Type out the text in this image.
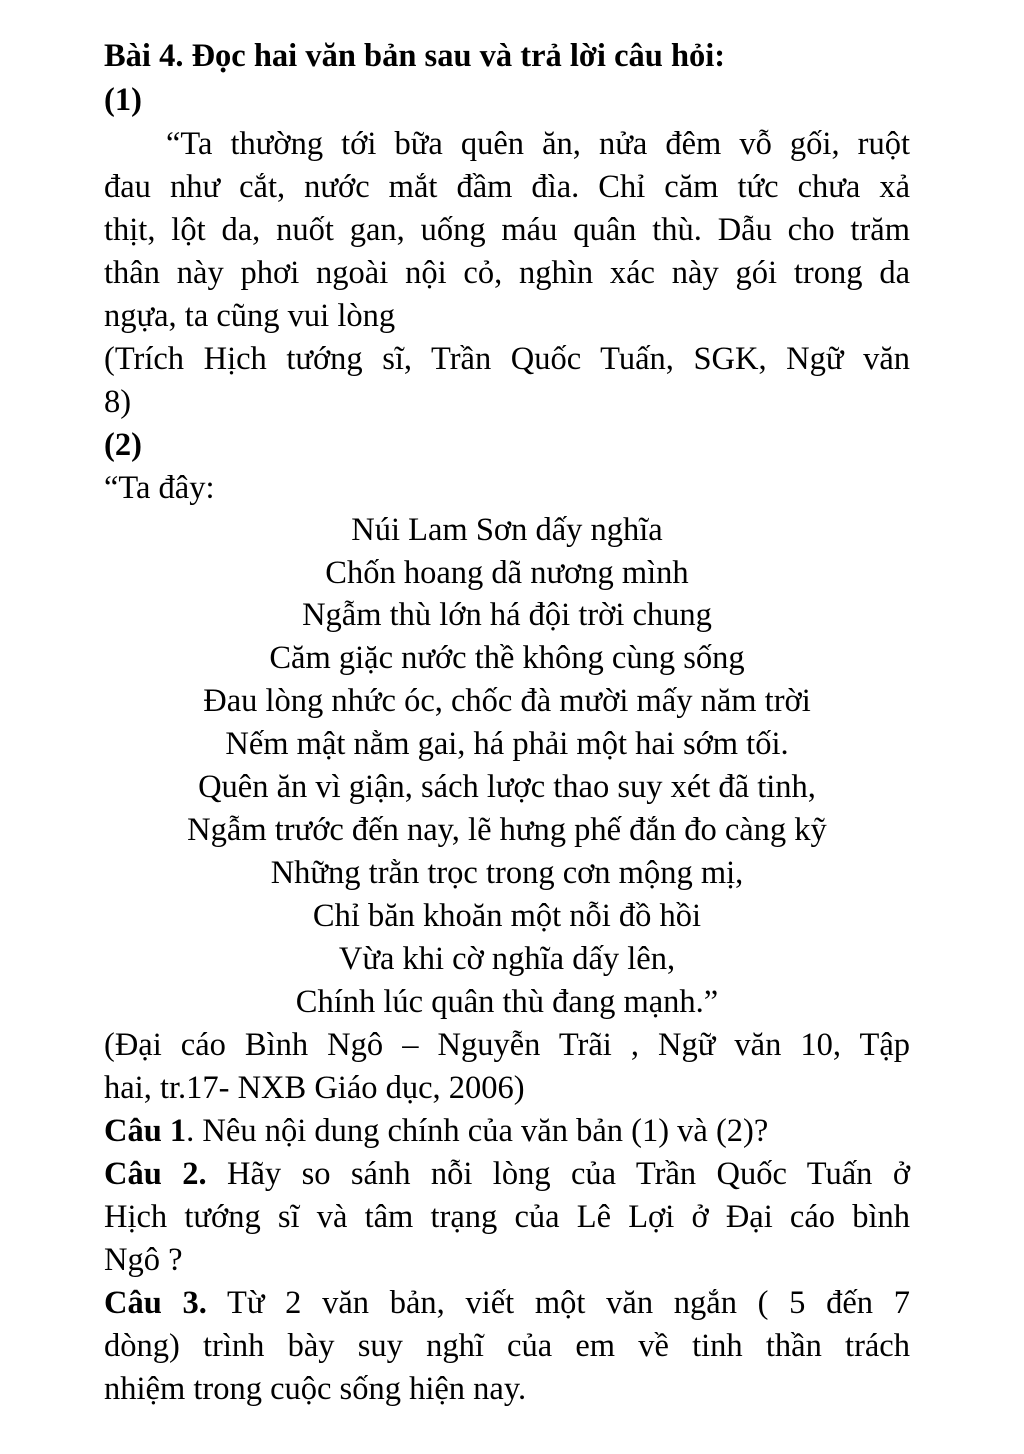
Bài 4. Đọc hai văn bản sau và trả lời câu hỏi:
(1)
“Ta thường tới bữa quên ăn, nửa đêm vỗ gối, ruột
đau như cắt, nước mắt đầm đìa. Chỉ căm tức chưa xả
thịt, lột da, nuốt gan, uống máu quân thù. Dẫu cho trăm
thân này phơi ngoài nội cỏ, nghìn xác này gói trong da
ngựa, ta cũng vui lòng
(Trích Hịch tướng sĩ, Trần Quốc Tuấn, SGK, Ngữ văn
8)
(2)
“Ta đây:
Núi Lam Sơn dấy nghĩa
Chốn hoang dã nương mình
Ngẫm thù lớn há đội trời chung
Căm giặc nước thề không cùng sống
Đau lòng nhức óc, chốc đà mười mấy năm trời
Nếm mật nằm gai, há phải một hai sớm tối.
Quên ăn vì giận, sách lược thao suy xét đã tinh,
Ngẫm trước đến nay, lẽ hưng phế đắn đo càng kỹ
Những trằn trọc trong cơn mộng mị,
Chỉ băn khoăn một nỗi đồ hồi
Vừa khi cờ nghĩa dấy lên,
Chính lúc quân thù đang mạnh.”
(Đại cáo Bình Ngô – Nguyễn Trãi , Ngữ văn 10, Tập
hai, tr.17- NXB Giáo dục, 2006)
Câu 1. Nêu nội dung chính của văn bản (1) và (2)?
Câu 2. Hãy so sánh nỗi lòng của Trần Quốc Tuấn ở
Hịch tướng sĩ và tâm trạng của Lê Lợi ở Đại cáo bình
Ngô ?
Câu 3. Từ 2 văn bản, viết một văn ngắn ( 5 đến 7
dòng) trình bày suy nghĩ của em về tinh thần trách
nhiệm trong cuộc sống hiện nay.
